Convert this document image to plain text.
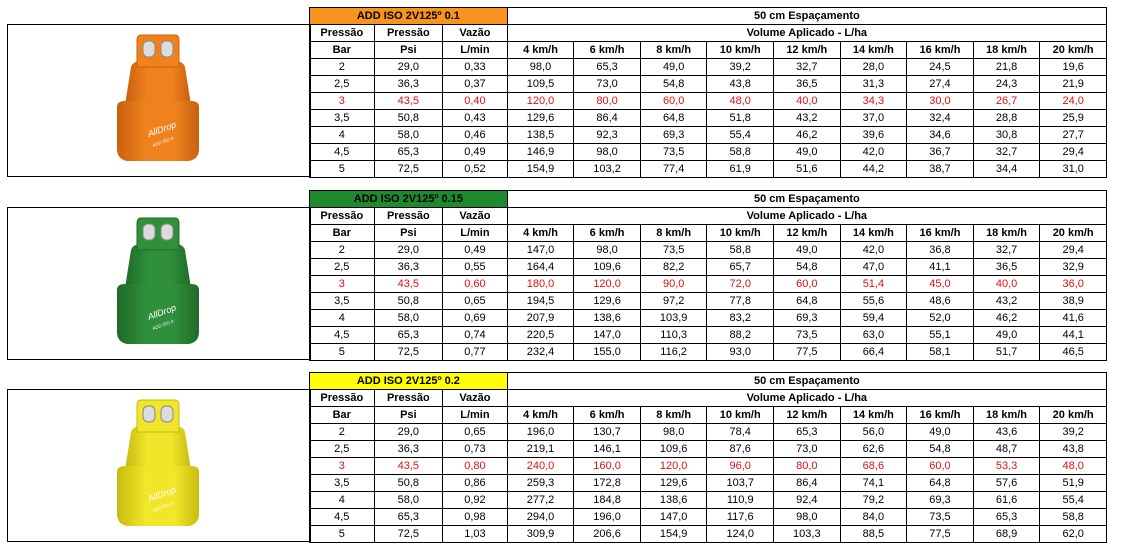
AllDrop
ADD ISO 0
ADD ISO 2V125º 0.1			50 cm Espaçamento								
Pressão	Pressão	Vazão	Volume Aplicado - L/ha								
Bar	Psi	L/min	4 km/h	6 km/h	8 km/h	10 km/h	12 km/h	14 km/h	16 km/h	18 km/h	20 km/h
2	29,0	0,33	98,0	65,3	49,0	39,2	32,7	28,0	24,5	21,8	19,6
2,5	36,3	0,37	109,5	73,0	54,8	43,8	36,5	31,3	27,4	24,3	21,9
3	43,5	0,40	120,0	80,0	60,0	48,0	40,0	34,3	30,0	26,7	24,0
3,5	50,8	0,43	129,6	86,4	64,8	51,8	43,2	37,0	32,4	28,8	25,9
4	58,0	0,46	138,5	92,3	69,3	55,4	46,2	39,6	34,6	30,8	27,7
4,5	65,3	0,49	146,9	98,0	73,5	58,8	49,0	42,0	36,7	32,7	29,4
5	72,5	0,52	154,9	103,2	77,4	61,9	51,6	44,2	38,7	34,4	31,0
AllDrop
ADD ISO 0
ADD ISO 2V125º 0.15			50 cm Espaçamento								
Pressão	Pressão	Vazão	Volume Aplicado - L/ha								
Bar	Psi	L/min	4 km/h	6 km/h	8 km/h	10 km/h	12 km/h	14 km/h	16 km/h	18 km/h	20 km/h
2	29,0	0,49	147,0	98,0	73,5	58,8	49,0	42,0	36,8	32,7	29,4
2,5	36,3	0,55	164,4	109,6	82,2	65,7	54,8	47,0	41,1	36,5	32,9
3	43,5	0,60	180,0	120,0	90,0	72,0	60,0	51,4	45,0	40,0	36,0
3,5	50,8	0,65	194,5	129,6	97,2	77,8	64,8	55,6	48,6	43,2	38,9
4	58,0	0,69	207,9	138,6	103,9	83,2	69,3	59,4	52,0	46,2	41,6
4,5	65,3	0,74	220,5	147,0	110,3	88,2	73,5	63,0	55,1	49,0	44,1
5	72,5	0,77	232,4	155,0	116,2	93,0	77,5	66,4	58,1	51,7	46,5
AllDrop
ADD ISO 0
ADD ISO 2V125º 0.2			50 cm Espaçamento								
Pressão	Pressão	Vazão	Volume Aplicado - L/ha								
Bar	Psi	L/min	4 km/h	6 km/h	8 km/h	10 km/h	12 km/h	14 km/h	16 km/h	18 km/h	20 km/h
2	29,0	0,65	196,0	130,7	98,0	78,4	65,3	56,0	49,0	43,6	39,2
2,5	36,3	0,73	219,1	146,1	109,6	87,6	73,0	62,6	54,8	48,7	43,8
3	43,5	0,80	240,0	160,0	120,0	96,0	80,0	68,6	60,0	53,3	48,0
3,5	50,8	0,86	259,3	172,8	129,6	103,7	86,4	74,1	64,8	57,6	51,9
4	58,0	0,92	277,2	184,8	138,6	110,9	92,4	79,2	69,3	61,6	55,4
4,5	65,3	0,98	294,0	196,0	147,0	117,6	98,0	84,0	73,5	65,3	58,8
5	72,5	1,03	309,9	206,6	154,9	124,0	103,3	88,5	77,5	68,9	62,0
